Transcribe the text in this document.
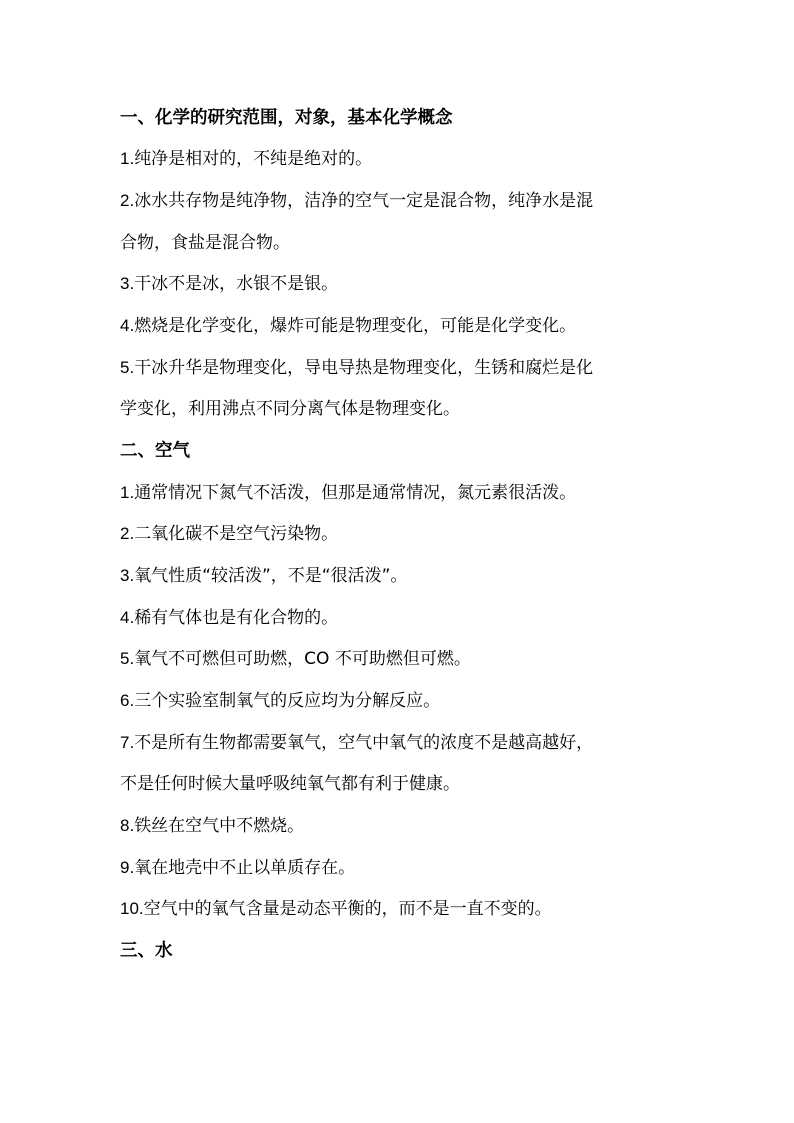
一、化学的研究范围，对象，基本化学概念
1.纯净是相对的，不纯是绝对的。
2.冰水共存物是纯净物，洁净的空气一定是混合物，纯净水是混
合物，食盐是混合物。
3.干冰不是冰，水银不是银。
4.燃烧是化学变化，爆炸可能是物理变化，可能是化学变化。
5.干冰升华是物理变化，导电导热是物理变化，生锈和腐烂是化
学变化，利用沸点不同分离气体是物理变化。
二、空气
1.通常情况下氮气不活泼，但那是通常情况，氮元素很活泼。
2.二氧化碳不是空气污染物。
3.氧气性质“较活泼”，不是“很活泼”。
4.稀有气体也是有化合物的。
5.氧气不可燃但可助燃，CO 不可助燃但可燃。
6.三个实验室制氧气的反应均为分解反应。
7.不是所有生物都需要氧气，空气中氧气的浓度不是越高越好，
不是任何时候大量呼吸纯氧气都有利于健康。
8.铁丝在空气中不燃烧。
9.氧在地壳中不止以单质存在。
10.空气中的氧气含量是动态平衡的，而不是一直不变的。
三、水
